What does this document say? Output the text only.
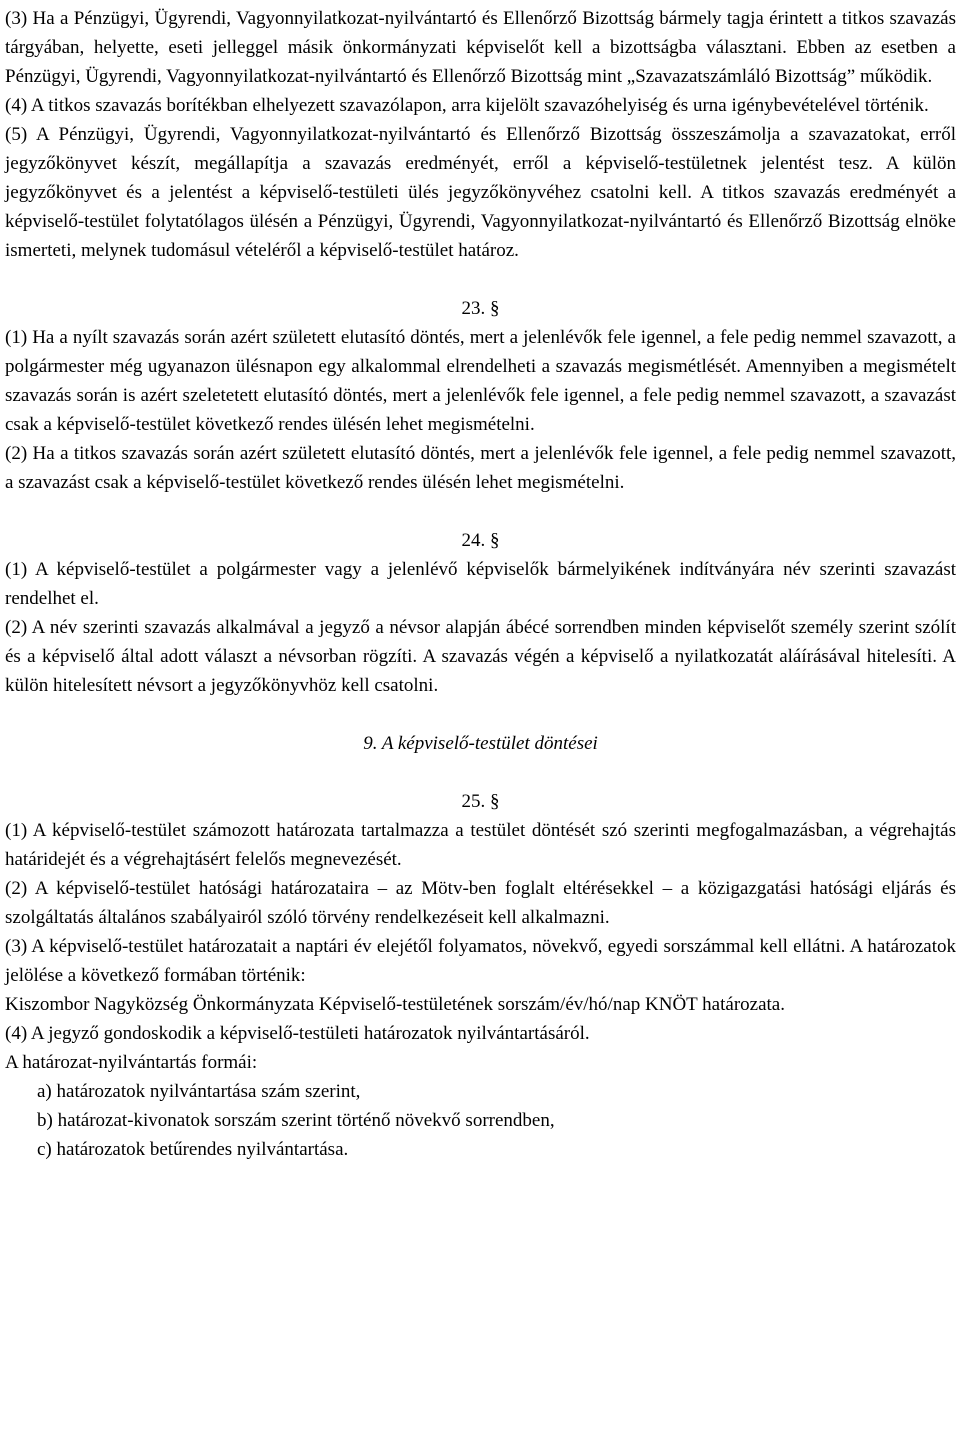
(3) Ha a Pénzügyi, Ügyrendi, Vagyonnyilatkozat-nyilvántartó és Ellenőrző Bizottság bármely tagja érintett a titkos szavazás tárgyában, helyette, eseti jelleggel másik önkormányzati képviselőt kell a bizottságba választani. Ebben az esetben a Pénzügyi, Ügyrendi, Vagyonnyilatkozat-nyilvántartó és Ellenőrző Bizottság mint „Szavazatszámláló Bizottság” működik.

(4) A titkos szavazás borítékban elhelyezett szavazólapon, arra kijelölt szavazóhelyiség és urna igénybevételével történik.

(5) A Pénzügyi, Ügyrendi, Vagyonnyilatkozat-nyilvántartó és Ellenőrző Bizottság összeszámolja a szavazatokat, erről jegyzőkönyvet készít, megállapítja a szavazás eredményét, erről a képviselő-testületnek jelentést tesz. A külön jegyzőkönyvet és a jelentést a képviselő-testületi ülés jegyzőkönyvéhez csatolni kell. A titkos szavazás eredményét a képviselő-testület folytatólagos ülésén a Pénzügyi, Ügyrendi, Vagyonnyilatkozat-nyilvántartó és Ellenőrző Bizottság elnöke ismerteti, melynek tudomásul vételéről a képviselő-testület határoz.

23. §

(1) Ha a nyílt szavazás során azért született elutasító döntés, mert a jelenlévők fele igennel, a fele pedig nemmel szavazott, a polgármester még ugyanazon ülésnapon egy alkalommal elrendelheti a szavazás megismétlését. Amennyiben a megismételt szavazás során is azért szeletetett elutasító döntés, mert a jelenlévők fele igennel, a fele pedig nemmel szavazott, a szavazást csak a képviselő-testület következő rendes ülésén lehet megismételni.

(2) Ha a titkos szavazás során azért született elutasító döntés, mert a jelenlévők fele igennel, a fele pedig nemmel szavazott, a szavazást csak a képviselő-testület következő rendes ülésén lehet megismételni.

24. §

(1) A képviselő-testület a polgármester vagy a jelenlévő képviselők bármelyikének indítványára név szerinti szavazást rendelhet el.

(2) A név szerinti szavazás alkalmával a jegyző a névsor alapján ábécé sorrendben minden képviselőt személy szerint szólít és a képviselő által adott választ a névsorban rögzíti. A szavazás végén a képviselő a nyilatkozatát aláírásával hitelesíti. A külön hitelesített névsort a jegyzőkönyvhöz kell csatolni.

9. A képviselő-testület döntései

25. §

(1) A képviselő-testület számozott határozata tartalmazza a testület döntését szó szerinti megfogalmazásban, a végrehajtás határidejét és a végrehajtásért felelős megnevezését.

(2) A képviselő-testület hatósági határozataira – az Mötv-ben foglalt eltérésekkel – a közigazgatási hatósági eljárás és szolgáltatás általános szabályairól szóló törvény rendelkezéseit kell alkalmazni.

(3) A képviselő-testület határozatait a naptári év elejétől folyamatos, növekvő, egyedi sorszámmal kell ellátni. A határozatok jelölése a következő formában történik:

Kiszombor Nagyközség Önkormányzata Képviselő-testületének sorszám/év/hó/nap KNÖT határozata.

(4) A jegyző gondoskodik a képviselő-testületi határozatok nyilvántartásáról.

A határozat-nyilvántartás formái:

a) határozatok nyilvántartása szám szerint,
b) határozat-kivonatok sorszám szerint történő növekvő sorrendben,
c) határozatok betűrendes nyilvántartása.
